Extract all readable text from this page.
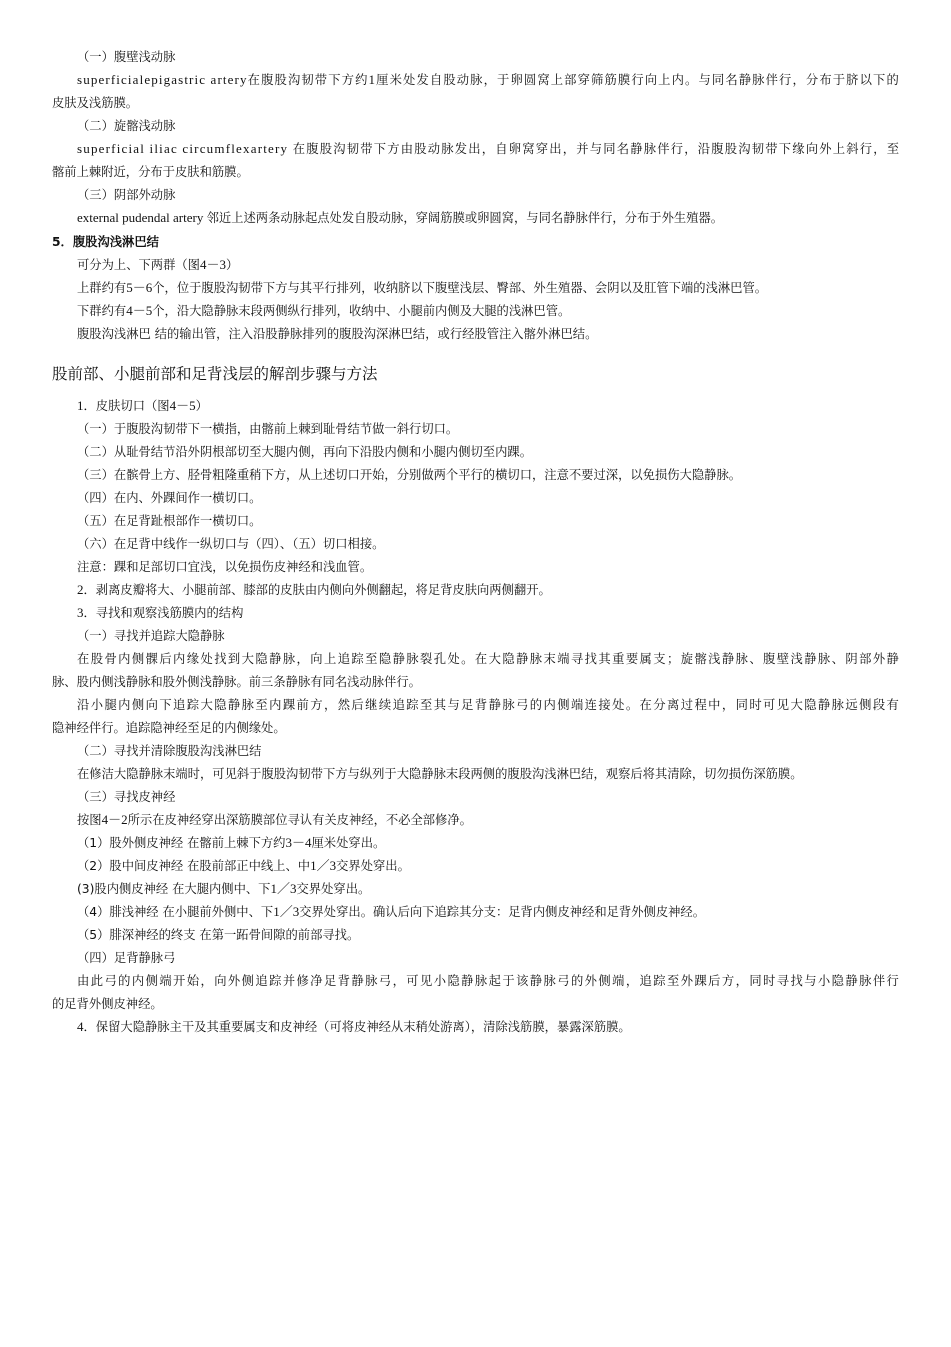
（一）腹壁浅动脉
superficialepigastric artery在腹股沟韧带下方约1厘米处发自股动脉，于卵圆窝上部穿筛筋膜行向上内。与同名静脉伴行，分布于脐以下的
皮肤及浅筋膜。
（二）旋髂浅动脉
superficial iliac circumflexartery 在腹股沟韧带下方由股动脉发出，自卵窝穿出，并与同名静脉伴行，沿腹股沟韧带下缘向外上斜行，至
髂前上棘附近，分布于皮肤和筋膜。
（三）阴部外动脉
external pudendal artery 邻近上述两条动脉起点处发自股动脉，穿阔筋膜或卵圆窝，与同名静脉伴行，分布于外生殖器。
5．腹股沟浅淋巴结
可分为上、下两群（图4－3）
上群约有5－6个，位于腹股沟韧带下方与其平行排列，收纳脐以下腹壁浅层、臀部、外生殖器、会阴以及肛管下端的浅淋巴管。
下群约有4－5个，沿大隐静脉末段两侧纵行排列，收纳中、小腿前内侧及大腿的浅淋巴管。
腹股沟浅淋巴 结的输出管，注入沿股静脉排列的腹股沟深淋巴结，或行经股管注入髂外淋巴结。
股前部、小腿前部和足背浅层的解剖步骤与方法
1．皮肤切口（图4－5）
（一）于腹股沟韧带下一横指，由髂前上棘到耻骨结节做一斜行切口。
（二）从耻骨结节沿外阴根部切至大腿内侧，再向下沿股内侧和小腿内侧切至内踝。
（三）在髌骨上方、胫骨粗隆重稍下方，从上述切口开始，分别做两个平行的横切口，注意不要过深，以免损伤大隐静脉。
（四）在内、外踝间作一横切口。
（五）在足背趾根部作一横切口。
（六）在足背中线作一纵切口与（四）、（五）切口相接。
注意：踝和足部切口宜浅，以免损伤皮神经和浅血管。
2．剥离皮瓣将大、小腿前部、膝部的皮肤由内侧向外侧翻起，将足背皮肤向两侧翻开。
3．寻找和观察浅筋膜内的结构
（一）寻找并追踪大隐静脉
在股骨内侧髁后内缘处找到大隐静脉，向上追踪至隐静脉裂孔处。在大隐静脉末端寻找其重要属支；旋髂浅静脉、腹壁浅静脉、阴部外静
脉、股内侧浅静脉和股外侧浅静脉。前三条静脉有同名浅动脉伴行。
沿小腿内侧向下追踪大隐静脉至内踝前方，然后继续追踪至其与足背静脉弓的内侧端连接处。在分离过程中，同时可见大隐静脉远侧段有
隐神经伴行。追踪隐神经至足的内侧缘处。
（二）寻找并清除腹股沟浅淋巴结
在修洁大隐静脉末端时，可见斜于腹股沟韧带下方与纵列于大隐静脉末段两侧的腹股沟浅淋巴结，观察后将其清除，切勿损伤深筋膜。
（三）寻找皮神经
按图4－2所示在皮神经穿出深筋膜部位寻认有关皮神经，不必全部修净。
（1）股外侧皮神经 在髂前上棘下方约3－4厘米处穿出。
（2）股中间皮神经 在股前部正中线上、中1／3交界处穿出。
(3)股内侧皮神经 在大腿内侧中、下1／3交界处穿出。
（4）腓浅神经 在小腿前外侧中、下1／3交界处穿出。确认后向下追踪其分支：足背内侧皮神经和足背外侧皮神经。
（5）腓深神经的终支 在第一跖骨间隙的前部寻找。
（四）足背静脉弓
由此弓的内侧端开始，向外侧追踪并修净足背静脉弓，可见小隐静脉起于该静脉弓的外侧端，追踪至外踝后方，同时寻找与小隐静脉伴行
的足背外侧皮神经。
4．保留大隐静脉主干及其重要属支和皮神经（可将皮神经从末稍处游离），清除浅筋膜，暴露深筋膜。
